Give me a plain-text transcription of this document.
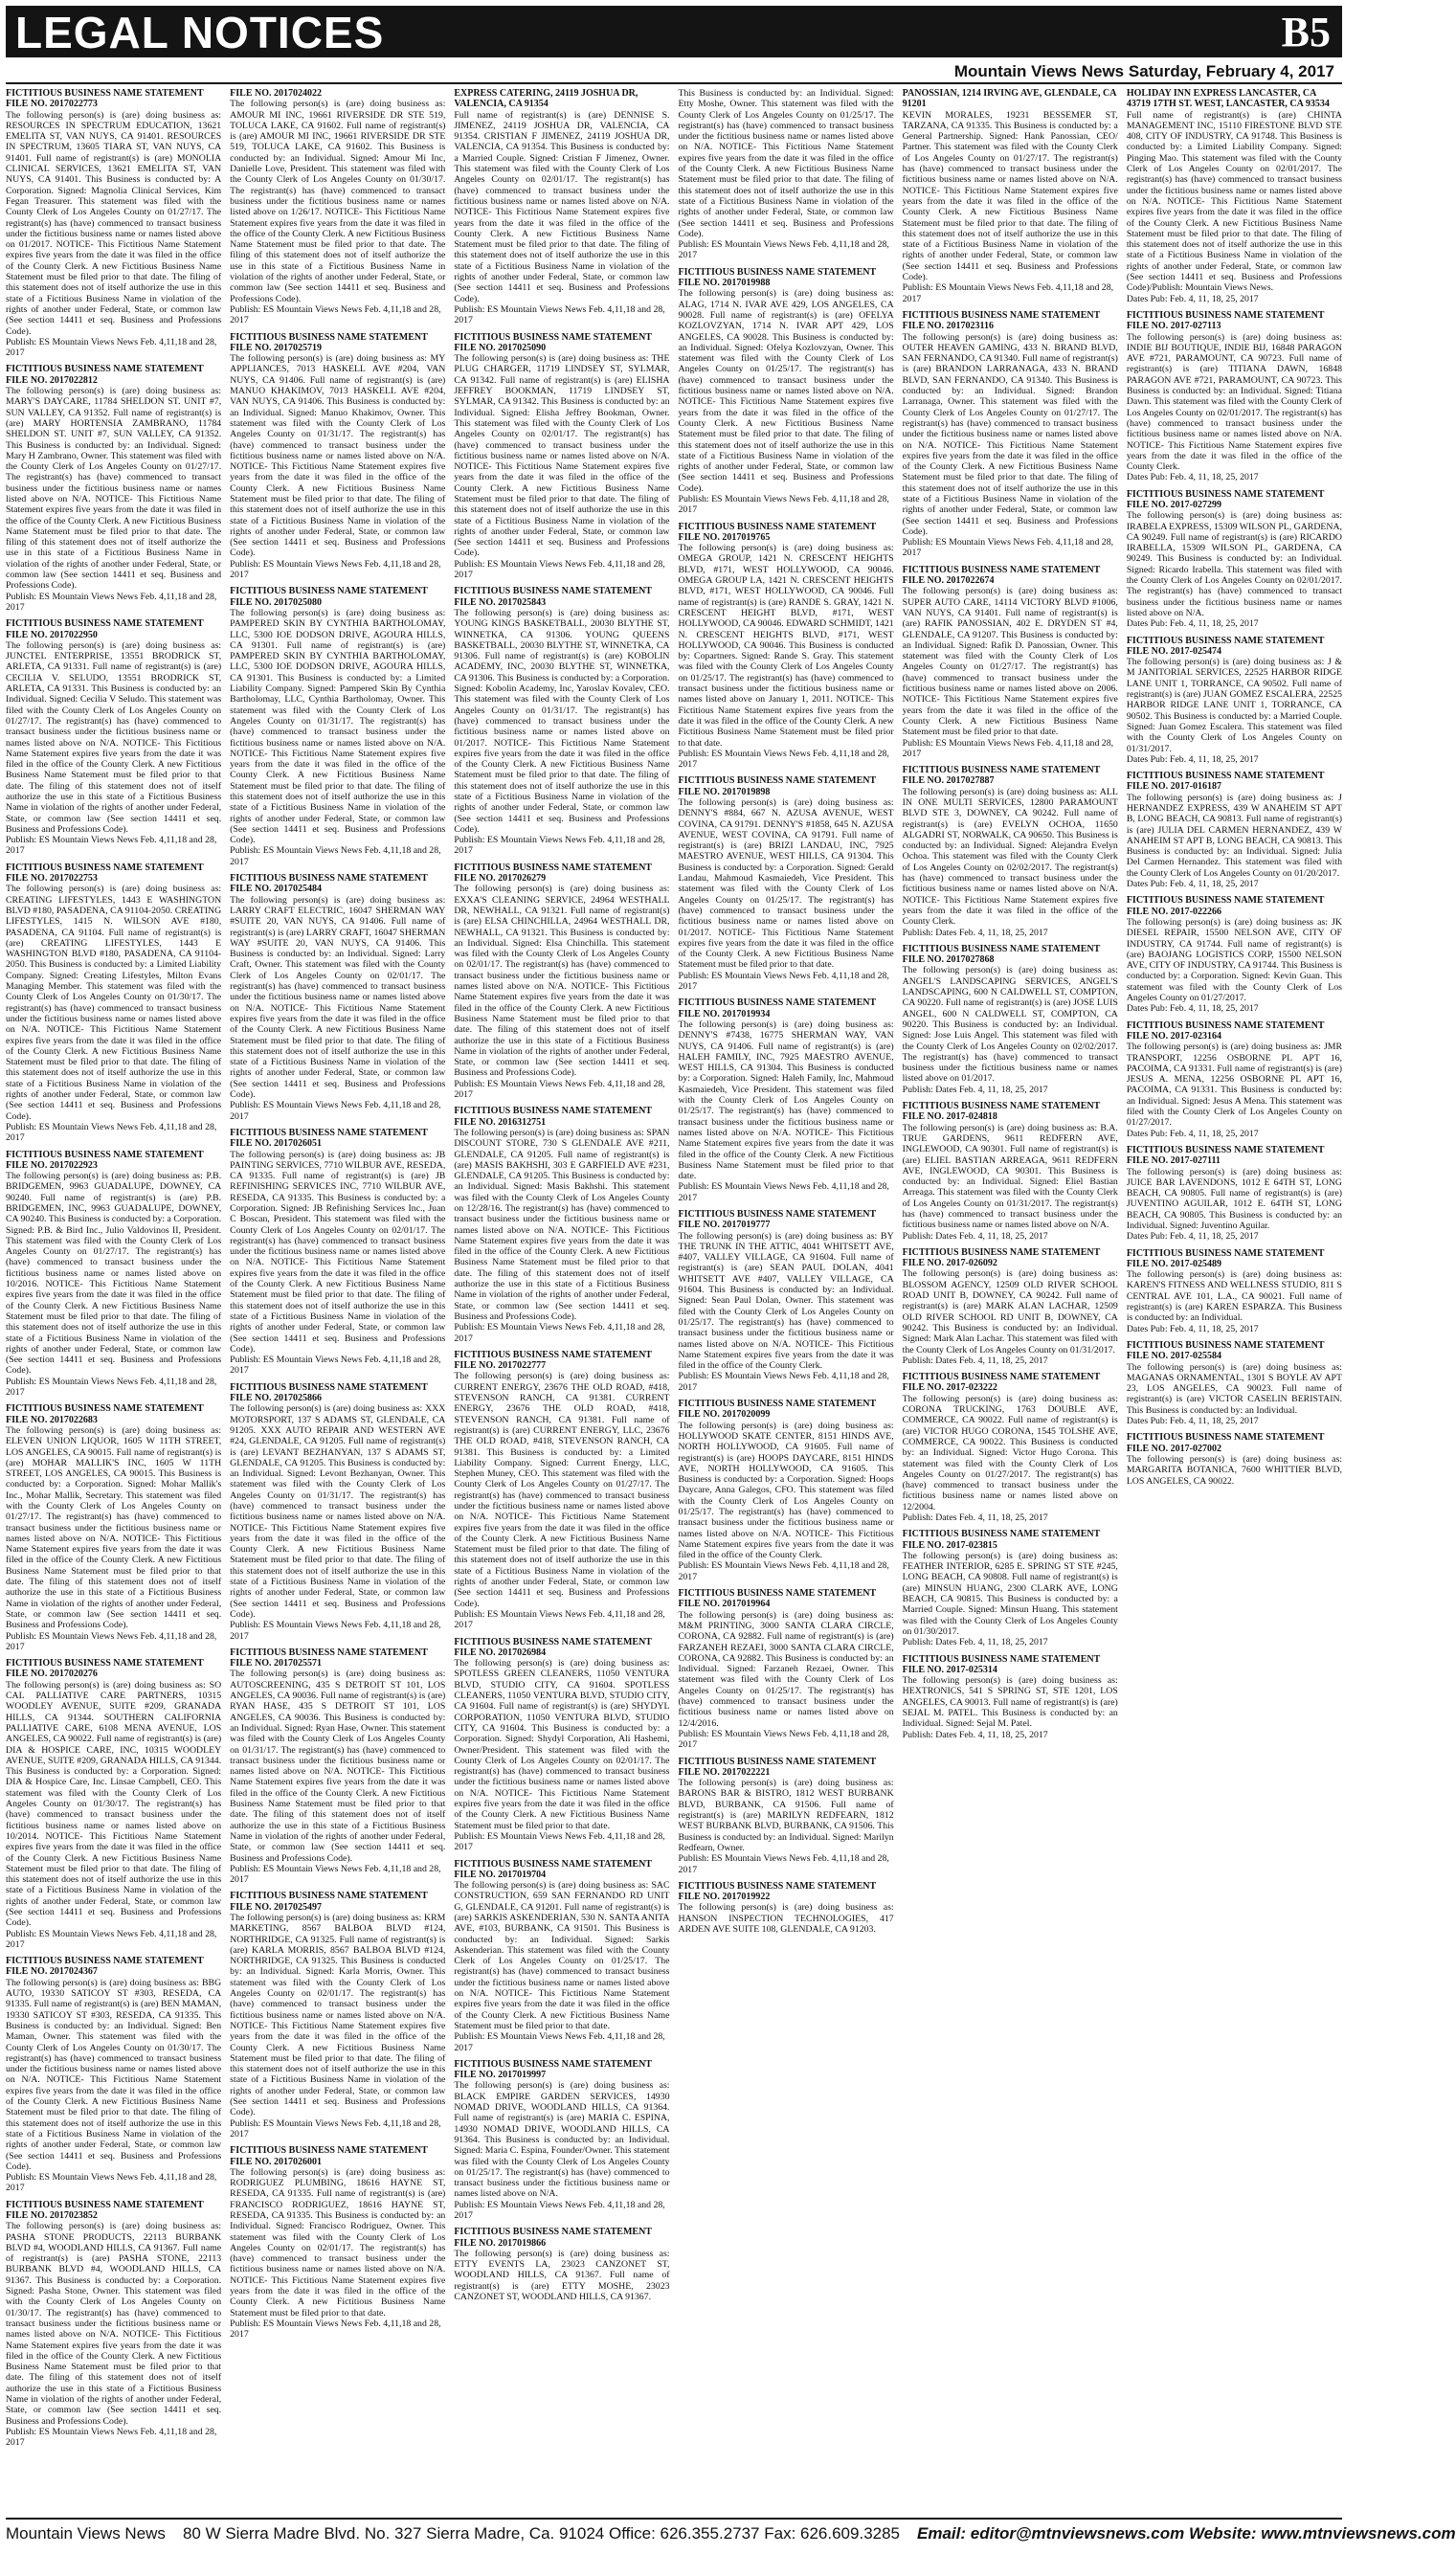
LEGAL NOTICES	B5
Mountain Views News Saturday, February 4, 2017
FICTITIOUS BUSINESS NAME STATEMENT FILE NO. 2017022773
The following person(s) is (are) doing business as: RESOURCES IN SPECTRUM EDUCATION, 13621 EMELITA ST, VAN NUYS, CA 91401. RESOURCES IN SPECTRUM, 13605 TIARA ST, VAN NUYS, CA 91401. Full name of registrant(s) is (are) MONOLIA CLINICAL SERVICES, 13621 EMELITA ST, VAN NUYS, CA 91401. This Business is conducted by: A Corporation. Signed: Magnolia Clinical Services, Kim Fegan Treasurer. This statement was filed with the County Clerk of Los Angeles County on 01/27/17. The registrant(s) has (have) commenced to transact business under the fictitious business name or names listed above on 01/2017. NOTICE- This Fictitious Name Statement expires five years from the date it was filed in the office of the County Clerk. A new Fictitious Business Name Statement must be filed prior to that date. The filing of this statement does not of itself authorize the use in this state of a Fictitious Business Name in violation of the rights of another under Federal, State, or common law (See section 14411 et seq. Business and Professions Code).
Publish: ES Mountain Views News Feb. 4,11,18 and 28, 2017
FICTITIOUS BUSINESS NAME STATEMENT FILE NO. 2017022812
The following person(s) is (are) doing business as: MARY'S DAYCARE, 11784 SHELDON ST. UNIT #7, SUN VALLEY, CA 91352. Full name of registrant(s) is (are) MARY HORTENSIA ZAMBRANO, 11784 SHELDON ST. UNIT #7, SUN VALLEY, CA 91352. This Business is conducted by: an Individual. Signed: Mary H Zambrano, Owner. This statement was filed with the County Clerk of Los Angeles County on 01/27/17. The registrant(s) has (have) commenced to transact business under the fictitious business name or names listed above on N/A. NOTICE- This Fictitious Name Statement expires five years from the date it was filed in the office of the County Clerk. A new Fictitious Business Name Statement must be filed prior to that date. The filing of this statement does not of itself authorize the use in this state of a Fictitious Business Name in violation of the rights of another under Federal, State, or common law (See section 14411 et seq. Business and Professions Code).
Publish: ES Mountain Views News Feb. 4,11,18 and 28, 2017
FICTITIOUS BUSINESS NAME STATEMENT FILE NO. 2017022950
The following person(s) is (are) doing business as: JUNCTEL ENTERPRISE, 13551 BRODRICK ST, ARLETA, CA 91331. Full name of registrant(s) is (are) CECILIA V. SELUDO, 13551 BRODRICK ST, ARLETA, CA 91331. This Business is conducted by: an Individual. Signed: Cecilia V Seludo. This statement was filed with the County Clerk of Los Angeles County on 01/27/17. The registrant(s) has (have) commenced to transact business under the fictitious business name or names listed above on N/A. NOTICE- This Fictitious Name Statement expires five years from the date it was filed in the office of the County Clerk. A new Fictitious Business Name Statement must be filed prior to that date. The filing of this statement does not of itself authorize the use in this state of a Fictitious Business Name in violation of the rights of another under Federal, State, or common law (See section 14411 et seq. Business and Professions Code).
Publish: ES Mountain Views News Feb. 4,11,18 and 28, 2017
FICTITIOUS BUSINESS NAME STATEMENT FILE NO. 2017022753
The following person(s) is (are) doing business as: CREATING LIFESTYLES, 1443 E WASHINGTON BLVD #180, PASADENA, CA 91104-2050. CREATING LIFESTYLES, 1415 N. WILSON AVE #180, PASADENA, CA 91104. Full name of registrant(s) is (are) CREATING LIFESTYLES, 1443 E WASHINGTON BLVD #180, PASADENA, CA 91104-2050. This Business is conducted by: a Limited Liability Company. Signed: Creating Lifestyles, Milton Evans Managing Member. This statement was filed with the County Clerk of Los Angeles County on 01/30/17. The registrant(s) has (have) commenced to transact business under the fictitious business name or names listed above on N/A. NOTICE- This Fictitious Name Statement expires five years from the date it was filed in the office of the County Clerk. A new Fictitious Business Name Statement must be filed prior to that date. The filing of this statement does not of itself authorize the use in this state of a Fictitious Business Name in violation of the rights of another under Federal, State, or common law (See section 14411 et seq. Business and Professions Code).
Publish: ES Mountain Views News Feb. 4,11,18 and 28, 2017
FICTITIOUS BUSINESS NAME STATEMENT FILE NO. 2017022923
The following person(s) is (are) doing business as: P.B. BRIDGEMEN, 9963 GUADALUPE, DOWNEY, CA 90240. Full name of registrant(s) is (are) P.B. BRIDGEMEN, INC, 9963 GUADALUPE, DOWNEY, CA 90240. This Business is conducted by: a Corporation. Signed: P.B. & Bird Inc., Julio Valdovinos II, President. This statement was filed with the County Clerk of Los Angeles County on 01/27/17. The registrant(s) has (have) commenced to transact business under the fictitious business name or names listed above on 10/2016. NOTICE- This Fictitious Name Statement expires five years from the date it was filed in the office of the County Clerk. A new Fictitious Business Name Statement must be filed prior to that date. The filing of this statement does not of itself authorize the use in this state of a Fictitious Business Name in violation of the rights of another under Federal, State, or common law (See section 14411 et seq. Business and Professions Code).
Publish: ES Mountain Views News Feb. 4,11,18 and 28, 2017
FICTITIOUS BUSINESS NAME STATEMENT FILE NO. 2017022683
The following person(s) is (are) doing business as: ELEVEN UNION LIQUOR, 1605 W 11TH STREET, LOS ANGELES, CA 90015. Full name of registrant(s) is (are) MOHAR MALLIK'S INC, 1605 W 11TH STREET, LOS ANGELES, CA 90015. This Business is conducted by: a Corporation. Signed: Mohar Mallik's Inc., Mohar Mallik, Secretary. This statement was filed with the County Clerk of Los Angeles County on 01/27/17. The registrant(s) has (have) commenced to transact business under the fictitious business name or names listed above on N/A. NOTICE- This Fictitious Name Statement expires five years from the date it was filed in the office of the County Clerk. A new Fictitious Business Name Statement must be filed prior to that date. The filing of this statement does not of itself authorize the use in this state of a Fictitious Business Name in violation of the rights of another under Federal, State, or common law (See section 14411 et seq. Business and Professions Code).
Publish: ES Mountain Views News Feb. 4,11,18 and 28, 2017
FICTITIOUS BUSINESS NAME STATEMENT FILE NO. 2017020276
The following person(s) is (are) doing business as: SO CAL PALLIATIVE CARE PARTNERS, 10315 WOODLEY AVENUE, SUITE #209, GRANADA HILLS, CA 91344. SOUTHERN CALIFORNIA PALLIATIVE CARE, 6108 MENA AVENUE, LOS ANGELES, CA 90022. Full name of registrant(s) is (are) DIA & HOSPICE CARE, INC, 10315 WOODLEY AVENUE, SUITE #209, GRANADA HILLS, CA 91344. This Business is conducted by: a Corporation. Signed: DIA & Hospice Care, Inc. Linsae Campbell, CEO. This statement was filed with the County Clerk of Los Angeles County on 01/30/17. The registrant(s) has (have) commenced to transact business under the fictitious business name or names listed above on 10/2014. NOTICE- This Fictitious Name Statement expires five years from the date it was filed in the office of the County Clerk. A new Fictitious Business Name Statement must be filed prior to that date. The filing of this statement does not of itself authorize the use in this state of a Fictitious Business Name in violation of the rights of another under Federal, State, or common law (See section 14411 et seq. Business and Professions Code).
Publish: ES Mountain Views News Feb. 4,11,18 and 28, 2017
FICTITIOUS BUSINESS NAME STATEMENT FILE NO. 2017024367
The following person(s) is (are) doing business as: BBG AUTO, 19330 SATICOY ST #303, RESEDA, CA 91335. Full name of registrant(s) is (are) BEN MAMAN, 19330 SATICOY ST #303, RESEDA, CA 91335. This Business is conducted by: an Individual. Signed: Ben Maman, Owner. This statement was filed with the County Clerk of Los Angeles County on 01/30/17. The registrant(s) has (have) commenced to transact business under the fictitious business name or names listed above on N/A. NOTICE- This Fictitious Name Statement expires five years from the date it was filed in the office of the County Clerk. A new Fictitious Business Name Statement must be filed prior to that date. The filing of this statement does not of itself authorize the use in this state of a Fictitious Business Name in violation of the rights of another under Federal, State, or common law (See section 14411 et seq. Business and Professions Code).
Publish: ES Mountain Views News Feb. 4,11,18 and 28, 2017
FICTITIOUS BUSINESS NAME STATEMENT FILE NO. 2017023852
The following person(s) is (are) doing business as: PASHA STONE PRODUCTS, 22113 BURBANK BLVD #4, WOODLAND HILLS, CA 91367. Full name of registrant(s) is (are) PASHA STONE, 22113 BURBANK BLVD #4, WOODLAND HILLS, CA 91367. This Business is conducted by: a Corporation. Signed: Pasha Stone, Owner. This statement was filed with the County Clerk of Los Angeles County on 01/30/17. The registrant(s) has (have) commenced to transact business under the fictitious business name or names listed above on N/A. NOTICE- This Fictitious Name Statement expires five years from the date it was filed in the office of the County Clerk. A new Fictitious Business Name Statement must be filed prior to that date. The filing of this statement does not of itself authorize the use in this state of a Fictitious Business Name in violation of the rights of another under Federal, State, or common law (See section 14411 et seq. Business and Professions Code).
Publish: ES Mountain Views News Feb. 4,11,18 and 28, 2017
FILE NO. 2017024022
The following person(s) is (are) doing business as: AMOUR MI INC, 19661 RIVERSIDE DR STE 519, TOLUCA LAKE, CA 91602. Full name of registrant(s) is (are) AMOUR MI INC, 19661 RIVERSIDE DR STE 519, TOLUCA LAKE, CA 91602. This Business is conducted by: an Individual. Signed: Amour Mi Inc, Danielle Love, President. This statement was filed with the County Clerk of Los Angeles County on 01/30/17. The registrant(s) has (have) commenced to transact business under the fictitious business name or names listed above on 1/26/17. NOTICE- This Fictitious Name Statement expires five years from the date it was filed in the office of the County Clerk. A new Fictitious Business Name Statement must be filed prior to that date. The filing of this statement does not of itself authorize the use in this state of a Fictitious Business Name in violation of the rights of another under Federal, State, or common law (See section 14411 et seq. Business and Professions Code).
Publish: ES Mountain Views News Feb. 4,11,18 and 28, 2017
FICTITIOUS BUSINESS NAME STATEMENT FILE NO. 2017025719
The following person(s) is (are) doing business as: MY APPLIANCES, 7013 HASKELL AVE #204, VAN NUYS, CA 91406. Full name of registrant(s) is (are) MANUO KHAKIMOV, 7013 HASKELL AVE #204, VAN NUYS, CA 91406. This Business is conducted by: an Individual. Signed: Manuo Khakimov, Owner. This statement was filed with the County Clerk of Los Angeles County on 01/31/17. The registrant(s) has (have) commenced to transact business under the fictitious business name or names listed above on N/A. NOTICE- This Fictitious Name Statement expires five years from the date it was filed in the office of the County Clerk. A new Fictitious Business Name Statement must be filed prior to that date. The filing of this statement does not of itself authorize the use in this state of a Fictitious Business Name in violation of the rights of another under Federal, State, or common law (See section 14411 et seq. Business and Professions Code).
Publish: ES Mountain Views News Feb. 4,11,18 and 28, 2017
FICTITIOUS BUSINESS NAME STATEMENT FILE NO. 2017025080
The following person(s) is (are) doing business as: PAMPERED SKIN BY CYNTHIA BARTHOLOMAY, LLC, 5300 IOE DODSON DRIVE, AGOURA HILLS, CA 91301. Full name of registrant(s) is (are) PAMPERED SKIN BY CYNTHIA BARTHOLOMAY, LLC, 5300 IOE DODSON DRIVE, AGOURA HILLS, CA 91301. This Business is conducted by: a Limited Liability Company. Signed: Pampered Skin By Cynthia Bartholomay, LLC, Cynthia Bartholomay, Owner. This statement was filed with the County Clerk of Los Angeles County on 01/31/17. The registrant(s) has (have) commenced to transact business under the fictitious business name or names listed above on N/A. NOTICE- This Fictitious Name Statement expires five years from the date it was filed in the office of the County Clerk. A new Fictitious Business Name Statement must be filed prior to that date. The filing of this statement does not of itself authorize the use in this state of a Fictitious Business Name in violation of the rights of another under Federal, State, or common law (See section 14411 et seq. Business and Professions Code).
Publish: ES Mountain Views News Feb. 4,11,18 and 28, 2017
FICTITIOUS BUSINESS NAME STATEMENT FILE NO. 2017025484
The following person(s) is (are) doing business as: LARRY CRAFT ELECTRIC, 16047 SHERMAN WAY #SUITE 20, VAN NUYS, CA 91406. Full name of registrant(s) is (are) LARRY CRAFT, 16047 SHERMAN WAY #SUITE 20, VAN NUYS, CA 91406. This Business is conducted by: an Individual. Signed: Larry Craft, Owner. This statement was filed with the County Clerk of Los Angeles County on 02/01/17. The registrant(s) has (have) commenced to transact business under the fictitious business name or names listed above on N/A. NOTICE- This Fictitious Name Statement expires five years from the date it was filed in the office of the County Clerk. A new Fictitious Business Name Statement must be filed prior to that date. The filing of this statement does not of itself authorize the use in this state of a Fictitious Business Name in violation of the rights of another under Federal, State, or common law (See section 14411 et seq. Business and Professions Code).
Publish: ES Mountain Views News Feb. 4,11,18 and 28, 2017
FICTITIOUS BUSINESS NAME STATEMENT FILE NO. 2017026051
The following person(s) is (are) doing business as: JB PAINTING SERVICES, 7710 WILBUR AVE, RESEDA, CA 91335. Full name of registrant(s) is (are) JB REFINISHING SERVICES INC, 7710 WILBUR AVE, RESEDA, CA 91335. This Business is conducted by: a Corporation. Signed: JB Refinishing Services Inc., Juan C Boscan, President. This statement was filed with the County Clerk of Los Angeles County on 02/01/17. The registrant(s) has (have) commenced to transact business under the fictitious business name or names listed above on N/A. NOTICE- This Fictitious Name Statement expires five years from the date it was filed in the office of the County Clerk. A new Fictitious Business Name Statement must be filed prior to that date. The filing of this statement does not of itself authorize the use in this state of a Fictitious Business Name in violation of the rights of another under Federal, State, or common law (See section 14411 et seq. Business and Professions Code).
Publish: ES Mountain Views News Feb. 4,11,18 and 28, 2017
FICTITIOUS BUSINESS NAME STATEMENT FILE NO. 2017025866
The following person(s) is (are) doing business as: XXX MOTORSPORT, 137 S ADAMS ST, GLENDALE, CA 91205. XXX AUTO REPAIR AND WESTERN AVE #24, GLENDALE, CA 91205. Full name of registrant(s) is (are) LEVANT BEZHANYAN, 137 S ADAMS ST, GLENDALE, CA 91205. This Business is conducted by: an Individual. Signed: Levont Bezhanyan, Owner. This statement was filed with the County Clerk of Los Angeles County on 01/31/17. The registrant(s) has (have) commenced to transact business under the fictitious business name or names listed above on N/A. NOTICE- This Fictitious Name Statement expires five years from the date it was filed in the office of the County Clerk. A new Fictitious Business Name Statement must be filed prior to that date. The filing of this statement does not of itself authorize the use in this state of a Fictitious Business Name in violation of the rights of another under Federal, State, or common law (See section 14411 et seq. Business and Professions Code).
Publish: ES Mountain Views News Feb. 4,11,18 and 28, 2017
FICTITIOUS BUSINESS NAME STATEMENT FILE NO. 2017025571
The following person(s) is (are) doing business as: AUTOSCREENING, 435 S DETROIT ST 101, LOS ANGELES, CA 90036. Full name of registrant(s) is (are) RYAN HASE, 435 S DETROIT ST 101, LOS ANGELES, CA 90036. This Business is conducted by: an Individual. Signed: Ryan Hase, Owner. This statement was filed with the County Clerk of Los Angeles County on 01/31/17. The registrant(s) has (have) commenced to transact business under the fictitious business name or names listed above on N/A. NOTICE- This Fictitious Name Statement expires five years from the date it was filed in the office of the County Clerk. A new Fictitious Business Name Statement must be filed prior to that date. The filing of this statement does not of itself authorize the use in this state of a Fictitious Business Name in violation of the rights of another under Federal, State, or common law (See section 14411 et seq. Business and Professions Code).
Publish: ES Mountain Views News Feb. 4,11,18 and 28, 2017
FICTITIOUS BUSINESS NAME STATEMENT FILE NO. 2017025497
The following person(s) is (are) doing business as: KRM MARKETING, 8567 BALBOA BLVD #124, NORTHRIDGE, CA 91325. Full name of registrant(s) is (are) KARLA MORRIS, 8567 BALBOA BLVD #124, NORTHRIDGE, CA 91325. This Business is conducted by: an Individual. Signed: Karla Morris, Owner. This statement was filed with the County Clerk of Los Angeles County on 02/01/17. The registrant(s) has (have) commenced to transact business under the fictitious business name or names listed above on N/A. NOTICE- This Fictitious Name Statement expires five years from the date it was filed in the office of the County Clerk. A new Fictitious Business Name Statement must be filed prior to that date. The filing of this statement does not of itself authorize the use in this state of a Fictitious Business Name in violation of the rights of another under Federal, State, or common law (See section 14411 et seq. Business and Professions Code).
Publish: ES Mountain Views News Feb. 4,11,18 and 28, 2017
FICTITIOUS BUSINESS NAME STATEMENT FILE NO. 2017026001
The following person(s) is (are) doing business as: RODRIGUEZ PLUMBING, 18616 HAYNE ST, RESEDA, CA 91335. Full name of registrant(s) is (are) FRANCISCO RODRIGUEZ, 18616 HAYNE ST, RESEDA, CA 91335. This Business is conducted by: an Individual. Signed: Francisco Rodriguez, Owner. This statement was filed with the County Clerk of Los Angeles County on 02/01/17. The registrant(s) has (have) commenced to transact business under the fictitious business name or names listed above on N/A. NOTICE- This Fictitious Name Statement expires five years from the date it was filed in the office of the County Clerk. A new Fictitious Business Name Statement must be filed prior to that date.
Publish: ES Mountain Views News Feb. 4,11,18 and 28, 2017
EXPRESS CATERING, 24119 JOSHUA DR, VALENCIA, CA 91354
Full name of registrant(s) is (are) DENNISE S. JIMENEZ, 24119 JOSHUA DR, VALENCIA, CA 91354. CRISTIAN F JIMENEZ, 24119 JOSHUA DR, VALENCIA, CA 91354. This Business is conducted by: a Married Couple. Signed: Cristian F Jimenez, Owner. This statement was filed with the County Clerk of Los Angeles County on 02/01/17. The registrant(s) has (have) commenced to transact business under the fictitious business name or names listed above on N/A. NOTICE- This Fictitious Name Statement expires five years from the date it was filed in the office of the County Clerk. A new Fictitious Business Name Statement must be filed prior to that date. The filing of this statement does not of itself authorize the use in this state of a Fictitious Business Name in violation of the rights of another under Federal, State, or common law (See section 14411 et seq. Business and Professions Code).
Publish: ES Mountain Views News Feb. 4,11,18 and 28, 2017
FICTITIOUS BUSINESS NAME STATEMENT FILE NO. 2017025090
The following person(s) is (are) doing business as: THE PLUG CHARGER, 11719 LINDSEY ST, SYLMAR, CA 91342. Full name of registrant(s) is (are) ELISHA JEFFREY BOOKMAN, 11719 LINDSEY ST, SYLMAR, CA 91342. This Business is conducted by: an Individual. Signed: Elisha Jeffrey Bookman, Owner. This statement was filed with the County Clerk of Los Angeles County on 02/01/17. The registrant(s) has (have) commenced to transact business under the fictitious business name or names listed above on N/A. NOTICE- This Fictitious Name Statement expires five years from the date it was filed in the office of the County Clerk. A new Fictitious Business Name Statement must be filed prior to that date. The filing of this statement does not of itself authorize the use in this state of a Fictitious Business Name in violation of the rights of another under Federal, State, or common law (See section 14411 et seq. Business and Professions Code).
Publish: ES Mountain Views News Feb. 4,11,18 and 28, 2017
FICTITIOUS BUSINESS NAME STATEMENT FILE NO. 2017025843
The following person(s) is (are) doing business as: YOUNG KINGS BASKETBALL, 20030 BLYTHE ST, WINNETKA, CA 91306. YOUNG QUEENS BASKETBALL, 20030 BLYTHE ST, WINNETKA, CA 91306. Full name of registrant(s) is (are) KOBOLIN ACADEMY, INC, 20030 BLYTHE ST, WINNETKA, CA 91306. This Business is conducted by: a Corporation. Signed: Kobolin Academy, Inc, Yaroslav Kovalev, CEO. This statement was filed with the County Clerk of Los Angeles County on 01/31/17. The registrant(s) has (have) commenced to transact business under the fictitious business name or names listed above on 01/2017. NOTICE- This Fictitious Name Statement expires five years from the date it was filed in the office of the County Clerk. A new Fictitious Business Name Statement must be filed prior to that date. The filing of this statement does not of itself authorize the use in this state of a Fictitious Business Name in violation of the rights of another under Federal, State, or common law (See section 14411 et seq. Business and Professions Code).
Publish: ES Mountain Views News Feb. 4,11,18 and 28, 2017
FICTITIOUS BUSINESS NAME STATEMENT FILE NO. 2017026279
The following person(s) is (are) doing business as: EXXA'S CLEANING SERVICE, 24964 WESTHALL DR, NEWHALL, CA 91321. Full name of registrant(s) is (are) ELSA CHINCHILLA, 24964 WESTHALL DR, NEWHALL, CA 91321. This Business is conducted by: an Individual. Signed: Elsa Chinchilla. This statement was filed with the County Clerk of Los Angeles County on 02/01/17. The registrant(s) has (have) commenced to transact business under the fictitious business name or names listed above on N/A. NOTICE- This Fictitious Name Statement expires five years from the date it was filed in the office of the County Clerk. A new Fictitious Business Name Statement must be filed prior to that date. The filing of this statement does not of itself authorize the use in this state of a Fictitious Business Name in violation of the rights of another under Federal, State, or common law (See section 14411 et seq. Business and Professions Code).
Publish: ES Mountain Views News Feb. 4,11,18 and 28, 2017
FICTITIOUS BUSINESS NAME STATEMENT FILE NO. 2016312751
The following person(s) is (are) doing business as: SPAN DISCOUNT STORE, 730 S GLENDALE AVE #211, GLENDALE, CA 91205. Full name of registrant(s) is (are) MASIS BAKHSHI, 303 E GARFIELD AVE #231, GLENDALE, CA 91205. This Business is conducted by: an Individual. Signed: Masis Bakhshi. This statement was filed with the County Clerk of Los Angeles County on 12/28/16. The registrant(s) has (have) commenced to transact business under the fictitious business name or names listed above on N/A. NOTICE- This Fictitious Name Statement expires five years from the date it was filed in the office of the County Clerk. A new Fictitious Business Name Statement must be filed prior to that date. The filing of this statement does not of itself authorize the use in this state of a Fictitious Business Name in violation of the rights of another under Federal, State, or common law (See section 14411 et seq. Business and Professions Code).
Publish: ES Mountain Views News Feb. 4,11,18 and 28, 2017
FICTITIOUS BUSINESS NAME STATEMENT FILE NO. 2017022777
The following person(s) is (are) doing business as: CURRENT ENERGY, 23676 THE OLD ROAD, #418, STEVENSON RANCH, CA 91381. CURRENT ENERGY, 23676 THE OLD ROAD, #418, STEVENSON RANCH, CA 91381. Full name of registrant(s) is (are) CURRENT ENERGY, LLC, 23676 THE OLD ROAD, #418, STEVENSON RANCH, CA 91381. This Business is conducted by: a Limited Liability Company. Signed: Current Energy, LLC, Stephen Muney, CEO. This statement was filed with the County Clerk of Los Angeles County on 01/27/17. The registrant(s) has (have) commenced to transact business under the fictitious business name or names listed above on N/A. NOTICE- This Fictitious Name Statement expires five years from the date it was filed in the office of the County Clerk. A new Fictitious Business Name Statement must be filed prior to that date. The filing of this statement does not of itself authorize the use in this state of a Fictitious Business Name in violation of the rights of another under Federal, State, or common law (See section 14411 et seq. Business and Professions Code).
Publish: ES Mountain Views News Feb. 4,11,18 and 28, 2017
FICTITIOUS BUSINESS NAME STATEMENT FILE NO. 2017026984
The following person(s) is (are) doing business as: SPOTLESS GREEN CLEANERS, 11050 VENTURA BLVD, STUDIO CITY, CA 91604. SPOTLESS CLEANERS, 11050 VENTURA BLVD, STUDIO CITY, CA 91604. Full name of registrant(s) is (are) SHYDYL CORPORATION, 11050 VENTURA BLVD, STUDIO CITY, CA 91604. This Business is conducted by: a Corporation. Signed: Shydyl Corporation, Ali Hashemi, Owner/President. This statement was filed with the County Clerk of Los Angeles County on 02/01/17. The registrant(s) has (have) commenced to transact business under the fictitious business name or names listed above on N/A. NOTICE- This Fictitious Name Statement expires five years from the date it was filed in the office of the County Clerk. A new Fictitious Business Name Statement must be filed prior to that date.
Publish: ES Mountain Views News Feb. 4,11,18 and 28, 2017
FICTITIOUS BUSINESS NAME STATEMENT FILE NO. 2017019704
The following person(s) is (are) doing business as: SAC CONSTRUCTION, 659 SAN FERNANDO RD UNIT G, GLENDALE, CA 91201. Full name of registrant(s) is (are) SARKIS ASKENDERIAN, 530 N. SANTA ANITA AVE, #103, BURBANK, CA 91501. This Business is conducted by: an Individual. Signed: Sarkis Askenderian. This statement was filed with the County Clerk of Los Angeles County on 01/25/17. The registrant(s) has (have) commenced to transact business under the fictitious business name or names listed above on N/A. NOTICE- This Fictitious Name Statement expires five years from the date it was filed in the office of the County Clerk. A new Fictitious Business Name Statement must be filed prior to that date.
Publish: ES Mountain Views News Feb. 4,11,18 and 28, 2017
FICTITIOUS BUSINESS NAME STATEMENT FILE NO. 2017019997
The following person(s) is (are) doing business as: BLACK EMPIRE GARDEN SERVICES, 14930 NOMAD DRIVE, WOODLAND HILLS, CA 91364. Full name of registrant(s) is (are) MARIA C. ESPINA, 14930 NOMAD DRIVE, WOODLAND HILLS, CA 91364. This Business is conducted by: an Individual. Signed: Maria C. Espina, Founder/Owner. This statement was filed with the County Clerk of Los Angeles County on 01/25/17. The registrant(s) has (have) commenced to transact business under the fictitious business name or names listed above on N/A.
Publish: ES Mountain Views News Feb. 4,11,18 and 28, 2017
FICTITIOUS BUSINESS NAME STATEMENT FILE NO. 2017019866
The following person(s) is (are) doing business as: ETTY EVENTS LA, 23023 CANZONET ST, WOODLAND HILLS, CA 91367. Full name of registrant(s) is (are) ETTY MOSHE, 23023 CANZONET ST, WOODLAND HILLS, CA 91367.
This Business is conducted by: an Individual. Signed: Etty Moshe, Owner. This statement was filed with the County Clerk of Los Angeles County on 01/25/17. The registrant(s) has (have) commenced to transact business under the fictitious business name or names listed above on N/A. NOTICE- This Fictitious Name Statement expires five years from the date it was filed in the office of the County Clerk. A new Fictitious Business Name Statement must be filed prior to that date. The filing of this statement does not of itself authorize the use in this state of a Fictitious Business Name in violation of the rights of another under Federal, State, or common law (See section 14411 et seq. Business and Professions Code).
Publish: ES Mountain Views News Feb. 4,11,18 and 28, 2017
FICTITIOUS BUSINESS NAME STATEMENT FILE NO. 2017019988
The following person(s) is (are) doing business as: ALAG, 1714 N. IVAR AVE 429, LOS ANGELES, CA 90028. Full name of registrant(s) is (are) OFELYA KOZLOVZYAN, 1714 N. IVAR APT 429, LOS ANGELES, CA 90028. This Business is conducted by: an Individual. Signed: Ofelya Kozlovzyan, Owner. This statement was filed with the County Clerk of Los Angeles County on 01/25/17. The registrant(s) has (have) commenced to transact business under the fictitious business name or names listed above on N/A. NOTICE- This Fictitious Name Statement expires five years from the date it was filed in the office of the County Clerk. A new Fictitious Business Name Statement must be filed prior to that date. The filing of this statement does not of itself authorize the use in this state of a Fictitious Business Name in violation of the rights of another under Federal, State, or common law (See section 14411 et seq. Business and Professions Code).
Publish: ES Mountain Views News Feb. 4,11,18 and 28, 2017
FICTITIOUS BUSINESS NAME STATEMENT FILE NO. 2017019765
The following person(s) is (are) doing business as: OMEGA GROUP, 1421 N. CRESCENT HEIGHTS BLVD, #171, WEST HOLLYWOOD, CA 90046. OMEGA GROUP LA, 1421 N. CRESCENT HEIGHTS BLVD, #171, WEST HOLLYWOOD, CA 90046. Full name of registrant(s) is (are) RANDE S. GRAY, 1421 N. CRESCENT HEIGHT BLVD, #171, WEST HOLLYWOOD, CA 90046. EDWARD SCHMIDT, 1421 N. CRESCENT HEIGHTS BLVD, #171, WEST HOLLYWOOD, CA 90046. This Business is conducted by: Copartners. Signed: Rande S. Gray. This statement was filed with the County Clerk of Los Angeles County on 01/25/17. The registrant(s) has (have) commenced to transact business under the fictitious business name or names listed above on January 1, 2011. NOTICE- This Fictitious Name Statement expires five years from the date it was filed in the office of the County Clerk. A new Fictitious Business Name Statement must be filed prior to that date.
Publish: ES Mountain Views News Feb. 4,11,18 and 28, 2017
FICTITIOUS BUSINESS NAME STATEMENT FILE NO. 2017019898
The following person(s) is (are) doing business as: DENNY'S #884, 667 N. AZUSA AVENUE, WEST COVINA, CA 91791. DENNY'S #1858, 645 N. AZUSA AVENUE, WEST COVINA, CA 91791. Full name of registrant(s) is (are) BRIZI LANDAU, INC, 7925 MAESTRO AVENUE, WEST HILLS, CA 91304. This Business is conducted by: a Corporation. Signed: Gerald Landau, Mahmoud Kasmaiedeh, Vice President. This statement was filed with the County Clerk of Los Angeles County on 01/25/17. The registrant(s) has (have) commenced to transact business under the fictitious business name or names listed above on 01/2017. NOTICE- This Fictitious Name Statement expires five years from the date it was filed in the office of the County Clerk. A new Fictitious Business Name Statement must be filed prior to that date.
Publish: ES Mountain Views News Feb. 4,11,18 and 28, 2017
FICTITIOUS BUSINESS NAME STATEMENT FILE NO. 2017019934
The following person(s) is (are) doing business as: DENNY'S #7438, 16775 SHERMAN WAY, VAN NUYS, CA 91406. Full name of registrant(s) is (are) HALEH FAMILY, INC, 7925 MAESTRO AVENUE, WEST HILLS, CA 91304. This Business is conducted by: a Corporation. Signed: Haleh Family, Inc, Mahmoud Kasmaiedeh, Vice President. This statement was filed with the County Clerk of Los Angeles County on 01/25/17. The registrant(s) has (have) commenced to transact business under the fictitious business name or names listed above on N/A. NOTICE- This Fictitious Name Statement expires five years from the date it was filed in the office of the County Clerk. A new Fictitious Business Name Statement must be filed prior to that date.
Publish: ES Mountain Views News Feb. 4,11,18 and 28, 2017
FICTITIOUS BUSINESS NAME STATEMENT FILE NO. 2017019777
The following person(s) is (are) doing business as: BY THE TRUNK IN THE ATTIC, 4041 WHITSETT AVE, #407, VALLEY VILLAGE, CA 91604. Full name of registrant(s) is (are) SEAN PAUL DOLAN, 4041 WHITSETT AVE #407, VALLEY VILLAGE, CA 91604. This Business is conducted by: an Individual. Signed: Sean Paul Dolan, Owner. This statement was filed with the County Clerk of Los Angeles County on 01/25/17. The registrant(s) has (have) commenced to transact business under the fictitious business name or names listed above on N/A. NOTICE- This Fictitious Name Statement expires five years from the date it was filed in the office of the County Clerk.
Publish: ES Mountain Views News Feb. 4,11,18 and 28, 2017
FICTITIOUS BUSINESS NAME STATEMENT FILE NO. 2017020099
The following person(s) is (are) doing business as: HOLLYWOOD SKATE CENTER, 8151 HINDS AVE, NORTH HOLLYWOOD, CA 91605. Full name of registrant(s) is (are) HOOPS DAYCARE, 8151 HINDS AVE, NORTH HOLLYWOOD, CA 91605. This Business is conducted by: a Corporation. Signed: Hoops Daycare, Anna Galegos, CFO. This statement was filed with the County Clerk of Los Angeles County on 01/25/17. The registrant(s) has (have) commenced to transact business under the fictitious business name or names listed above on N/A. NOTICE- This Fictitious Name Statement expires five years from the date it was filed in the office of the County Clerk.
Publish: ES Mountain Views News Feb. 4,11,18 and 28, 2017
FICTITIOUS BUSINESS NAME STATEMENT FILE NO. 2017019964
The following person(s) is (are) doing business as: M&M PRINTING, 3000 SANTA CLARA CIRCLE, CORONA, CA 92882. Full name of registrant(s) is (are) FARZANEH REZAEI, 3000 SANTA CLARA CIRCLE, CORONA, CA 92882. This Business is conducted by: an Individual. Signed: Farzaneh Rezaei, Owner. This statement was filed with the County Clerk of Los Angeles County on 01/25/17. The registrant(s) has (have) commenced to transact business under the fictitious business name or names listed above on 12/4/2016.
Publish: ES Mountain Views News Feb. 4,11,18 and 28, 2017
FICTITIOUS BUSINESS NAME STATEMENT FILE NO. 2017022221
The following person(s) is (are) doing business as: BARONS BAR & BISTRO, 1812 WEST BURBANK BLVD, BURBANK, CA 91506. Full name of registrant(s) is (are) MARILYN REDFEARN, 1812 WEST BURBANK BLVD, BURBANK, CA 91506. This Business is conducted by: an Individual. Signed: Marilyn Redfearn, Owner.
Publish: ES Mountain Views News Feb. 4,11,18 and 28, 2017
FICTITIOUS BUSINESS NAME STATEMENT FILE NO. 2017019922
The following person(s) is (are) doing business as: HANSON INSPECTION TECHNOLOGIES, 417 ARDEN AVE SUITE 108, GLENDALE, CA 91203.
PANOSSIAN, 1214 IRVING AVE, GLENDALE, CA 91201
KEVIN MORALES, 19231 BESSEMER ST, TARZANA, CA 91335. This Business is conducted by: a General Partnership. Signed: Hank Panossian, CEO/ Partner. This statement was filed with the County Clerk of Los Angeles County on 01/27/17. The registrant(s) has (have) commenced to transact business under the fictitious business name or names listed above on N/A. NOTICE- This Fictitious Name Statement expires five years from the date it was filed in the office of the County Clerk. A new Fictitious Business Name Statement must be filed prior to that date. The filing of this statement does not of itself authorize the use in this state of a Fictitious Business Name in violation of the rights of another under Federal, State, or common law (See section 14411 et seq. Business and Professions Code).
Publish: ES Mountain Views News Feb. 4,11,18 and 28, 2017
FICTITIOUS BUSINESS NAME STATEMENT FILE NO. 2017023116
The following person(s) is (are) doing business as: OUTER HEAVEN GAMING, 433 N. BRAND BLVD, SAN FERNANDO, CA 91340. Full name of registrant(s) is (are) BRANDON LARRANAGA, 433 N. BRAND BLVD, SAN FERNANDO, CA 91340. This Business is conducted by: an Individual. Signed: Brandon Larranaga, Owner. This statement was filed with the County Clerk of Los Angeles County on 01/27/17. The registrant(s) has (have) commenced to transact business under the fictitious business name or names listed above on N/A. NOTICE- This Fictitious Name Statement expires five years from the date it was filed in the office of the County Clerk. A new Fictitious Business Name Statement must be filed prior to that date. The filing of this statement does not of itself authorize the use in this state of a Fictitious Business Name in violation of the rights of another under Federal, State, or common law (See section 14411 et seq. Business and Professions Code).
Publish: ES Mountain Views News Feb. 4,11,18 and 28, 2017
FICTITIOUS BUSINESS NAME STATEMENT FILE NO. 2017022674
The following person(s) is (are) doing business as: SUPER AUTO CARE, 14114 VICTORY BLVD #1006, VAN NUYS, CA 91401. Full name of registrant(s) is (are) RAFIK PANOSSIAN, 402 E. DRYDEN ST #4, GLENDALE, CA 91207. This Business is conducted by: an Individual. Signed: Rafik D. Panossian, Owner. This statement was filed with the County Clerk of Los Angeles County on 01/27/17. The registrant(s) has (have) commenced to transact business under the fictitious business name or names listed above on 2006. NOTICE- This Fictitious Name Statement expires five years from the date it was filed in the office of the County Clerk. A new Fictitious Business Name Statement must be filed prior to that date.
Publish: ES Mountain Views News Feb. 4,11,18 and 28, 2017
FICTITIOUS BUSINESS NAME STATEMENT FILE NO. 2017027887
The following person(s) is (are) doing business as: ALL IN ONE MULTI SERVICES, 12800 PARAMOUNT BLVD STE 3, DOWNEY, CA 90242. Full name of registrant(s) is (are) EVELYN OCHOA, 11650 ALGADRI ST, NORWALK, CA 90650. This Business is conducted by: an Individual. Signed: Alejandra Evelyn Ochoa. This statement was filed with the County Clerk of Los Angeles County on 02/02/2017. The registrant(s) has (have) commenced to transact business under the fictitious business name or names listed above on N/A. NOTICE- This Fictitious Name Statement expires five years from the date it was filed in the office of the County Clerk.
Publish: Dates Feb. 4, 11, 18, 25, 2017
FICTITIOUS BUSINESS NAME STATEMENT FILE NO. 2017027868
The following person(s) is (are) doing business as: ANGEL'S LANDSCAPING SERVICES, ANGEL'S LANDSCAPING, 600 N CALDWELL ST, COMPTON, CA 90220. Full name of registrant(s) is (are) JOSE LUIS ANGEL, 600 N CALDWELL ST, COMPTON, CA 90220. This Business is conducted by: an Individual. Signed: Jose Luis Angel. This statement was filed with the County Clerk of Los Angeles County on 02/02/2017. The registrant(s) has (have) commenced to transact business under the fictitious business name or names listed above on 01/2017.
Publish: Dates Feb. 4, 11, 18, 25, 2017
FICTITIOUS BUSINESS NAME STATEMENT FILE NO. 2017-024818
The following person(s) is (are) doing business as: B.A. TRUE GARDENS, 9611 REDFERN AVE, INGLEWOOD, CA 90301. Full name of registrant(s) is (are) ELIEL BASTIAN ARREAGA, 9611 REDFERN AVE, INGLEWOOD, CA 90301. This Business is conducted by: an Individual. Signed: Eliel Bastian Arreaga. This statement was filed with the County Clerk of Los Angeles County on 01/31/2017. The registrant(s) has (have) commenced to transact business under the fictitious business name or names listed above on N/A.
Publish: Dates Feb. 4, 11, 18, 25, 2017
FICTITIOUS BUSINESS NAME STATEMENT FILE NO. 2017-026092
The following person(s) is (are) doing business as: BLOSSOM AGENCY, 12509 OLD RIVER SCHOOL ROAD UNIT B, DOWNEY, CA 90242. Full name of registrant(s) is (are) MARK ALAN LACHAR, 12509 OLD RIVER SCHOOL RD UNIT B, DOWNEY, CA 90242. This Business is conducted by: an Individual. Signed: Mark Alan Lachar. This statement was filed with the County Clerk of Los Angeles County on 01/31/2017.
Publish: Dates Feb. 4, 11, 18, 25, 2017
FICTITIOUS BUSINESS NAME STATEMENT FILE NO. 2017-023222
The following person(s) is (are) doing business as: CORONA TRUCKING, 1763 DOUBLE AVE, COMMERCE, CA 90022. Full name of registrant(s) is (are) VICTOR HUGO CORONA, 1545 TOLSHE AVE, COMMERCE, CA 90022. This Business is conducted by: an Individual. Signed: Victor Hugo Corona. This statement was filed with the County Clerk of Los Angeles County on 01/27/2017. The registrant(s) has (have) commenced to transact business under the fictitious business name or names listed above on 12/2004.
Publish: Dates Feb. 4, 11, 18, 25, 2017
FICTITIOUS BUSINESS NAME STATEMENT FILE NO. 2017-023815
The following person(s) is (are) doing business as: FEATHER INTERIOR, 6285 E. SPRING ST STE #245, LONG BEACH, CA 90808. Full name of registrant(s) is (are) MINSUN HUANG, 2300 CLARK AVE, LONG BEACH, CA 90815. This Business is conducted by: a Married Couple. Signed: Minsun Huang. This statement was filed with the County Clerk of Los Angeles County on 01/30/2017.
Publish: Dates Feb. 4, 11, 18, 25, 2017
FICTITIOUS BUSINESS NAME STATEMENT FILE NO. 2017-025314
The following person(s) is (are) doing business as: HEXTRONICS, 541 S SPRING ST, STE 1201, LOS ANGELES, CA 90013. Full name of registrant(s) is (are) SEJAL M. PATEL. This Business is conducted by: an Individual. Signed: Sejal M. Patel.
Publish: Dates Feb. 4, 11, 18, 25, 2017
HOLIDAY INN EXPRESS LANCASTER, CA 43719 17TH ST. WEST, LANCASTER, CA 93534
Full name of registrant(s) is (are) CHINTA MANAGEMENT INC, 15110 FIRESTONE BLVD STE 408, CITY OF INDUSTRY, CA 91748. This Business is conducted by: a Limited Liability Company. Signed: Pinging Mao. This statement was filed with the County Clerk of Los Angeles County on 02/01/2017. The registrant(s) has (have) commenced to transact business under the fictitious business name or names listed above on N/A. NOTICE- This Fictitious Name Statement expires five years from the date it was filed in the office of the County Clerk. A new Fictitious Business Name Statement must be filed prior to that date. The filing of this statement does not of itself authorize the use in this state of a Fictitious Business Name in violation of the rights of another under Federal, State, or common law (See section 14411 et seq. Business and Professions Code)/Publish: Mountain Views News.
Dates Pub: Feb. 4, 11, 18, 25, 2017
FICTITIOUS BUSINESS NAME STATEMENT FILE NO. 2017-027113
The following person(s) is (are) doing business as: INDIE BIJ BOUTIQUE, INDIE BIJ, 16848 PARAGON AVE #721, PARAMOUNT, CA 90723. Full name of registrant(s) is (are) TITIANA DAWN, 16848 PARAGON AVE #721, PARAMOUNT, CA 90723. This Business is conducted by: an Individual. Signed: Titiana Dawn. This statement was filed with the County Clerk of Los Angeles County on 02/01/2017. The registrant(s) has (have) commenced to transact business under the fictitious business name or names listed above on N/A. NOTICE- This Fictitious Name Statement expires five years from the date it was filed in the office of the County Clerk.
Dates Pub: Feb. 4, 11, 18, 25, 2017
FICTITIOUS BUSINESS NAME STATEMENT FILE NO. 2017-027299
The following person(s) is (are) doing business as: IRABELA EXPRESS, 15309 WILSON PL, GARDENA, CA 90249. Full name of registrant(s) is (are) RICARDO IRABELLA, 15309 WILSON PL, GARDENA, CA 90249. This Business is conducted by: an Individual. Signed: Ricardo Irabella. This statement was filed with the County Clerk of Los Angeles County on 02/01/2017. The registrant(s) has (have) commenced to transact business under the fictitious business name or names listed above on N/A.
Dates Pub: Feb. 4, 11, 18, 25, 2017
FICTITIOUS BUSINESS NAME STATEMENT FILE NO. 2017-025474
The following person(s) is (are) doing business as: J & M JANITORIAL SERVICES, 22525 HARBOR RIDGE LANE UNIT 1, TORRANCE, CA 90502. Full name of registrant(s) is (are) JUAN GOMEZ ESCALERA, 22525 HARBOR RIDGE LANE UNIT 1, TORRANCE, CA 90502. This Business is conducted by: a Married Couple. Signed: Juan Gomez Escalera. This statement was filed with the County Clerk of Los Angeles County on 01/31/2017.
Dates Pub: Feb. 4, 11, 18, 25, 2017
FICTITIOUS BUSINESS NAME STATEMENT FILE NO. 2017-016187
The following person(s) is (are) doing business as: J HERNANDEZ EXPRESS, 439 W ANAHEIM ST APT B, LONG BEACH, CA 90813. Full name of registrant(s) is (are) JULIA DEL CARMEN HERNANDEZ, 439 W ANAHEIM ST APT B, LONG BEACH, CA 90813. This Business is conducted by: an Individual. Signed: Julia Del Carmen Hernandez. This statement was filed with the County Clerk of Los Angeles County on 01/20/2017.
Dates Pub: Feb. 4, 11, 18, 25, 2017
FICTITIOUS BUSINESS NAME STATEMENT FILE NO. 2017-022266
The following person(s) is (are) doing business as: JK DIESEL REPAIR, 15500 NELSON AVE, CITY OF INDUSTRY, CA 91744. Full name of registrant(s) is (are) BAOJANG LOGISTICS CORP, 15500 NELSON AVE, CITY OF INDUSTRY, CA 91744. This Business is conducted by: a Corporation. Signed: Kevin Guan. This statement was filed with the County Clerk of Los Angeles County on 01/27/2017.
Dates Pub: Feb. 4, 11, 18, 25, 2017
FICTITIOUS BUSINESS NAME STATEMENT FILE NO. 2017-023164
The following person(s) is (are) doing business as: JMR TRANSPORT, 12256 OSBORNE PL APT 16, PACOIMA, CA 91331. Full name of registrant(s) is (are) JESUS A. MENA, 12256 OSBORNE PL APT 16, PACOIMA, CA 91331. This Business is conducted by: an Individual. Signed: Jesus A Mena. This statement was filed with the County Clerk of Los Angeles County on 01/27/2017.
Dates Pub: Feb. 4, 11, 18, 25, 2017
FICTITIOUS BUSINESS NAME STATEMENT FILE NO. 2017-027111
The following person(s) is (are) doing business as: JUICE BAR LAVENDONS, 1012 E 64TH ST, LONG BEACH, CA 90805. Full name of registrant(s) is (are) JUVENTINO AGUILAR, 1012 E. 64TH ST, LONG BEACH, CA 90805. This Business is conducted by: an Individual. Signed: Juventino Aguilar.
Dates Pub: Feb. 4, 11, 18, 25, 2017
FICTITIOUS BUSINESS NAME STATEMENT FILE NO. 2017-025489
The following person(s) is (are) doing business as: KAREN'S FITNESS AND WELLNESS STUDIO, 811 S CENTRAL AVE 101, L.A., CA 90021. Full name of registrant(s) is (are) KAREN ESPARZA. This Business is conducted by: an Individual.
Dates Pub: Feb. 4, 11, 18, 25, 2017
FICTITIOUS BUSINESS NAME STATEMENT FILE NO. 2017-025584
The following person(s) is (are) doing business as: MAGANAS ORNAMENTAL, 1301 S BOYLE AV APT 23, LOS ANGELES, CA 90023. Full name of registrant(s) is (are) VICTOR CASELIN BERISTAIN. This Business is conducted by: an Individual.
Dates Pub: Feb. 4, 11, 18, 25, 2017
FICTITIOUS BUSINESS NAME STATEMENT FILE NO. 2017-027002
The following person(s) is (are) doing business as: MARGARITA BOTANICA, 7600 WHITTIER BLVD, LOS ANGELES, CA 90022.
Mountain Views News 80 W Sierra Madre Blvd. No. 327 Sierra Madre, Ca. 91024 Office: 626.355.2737 Fax: 626.609.3285 Email: editor@mtnviewsnews.com Website: www.mtnviewsnews.com
